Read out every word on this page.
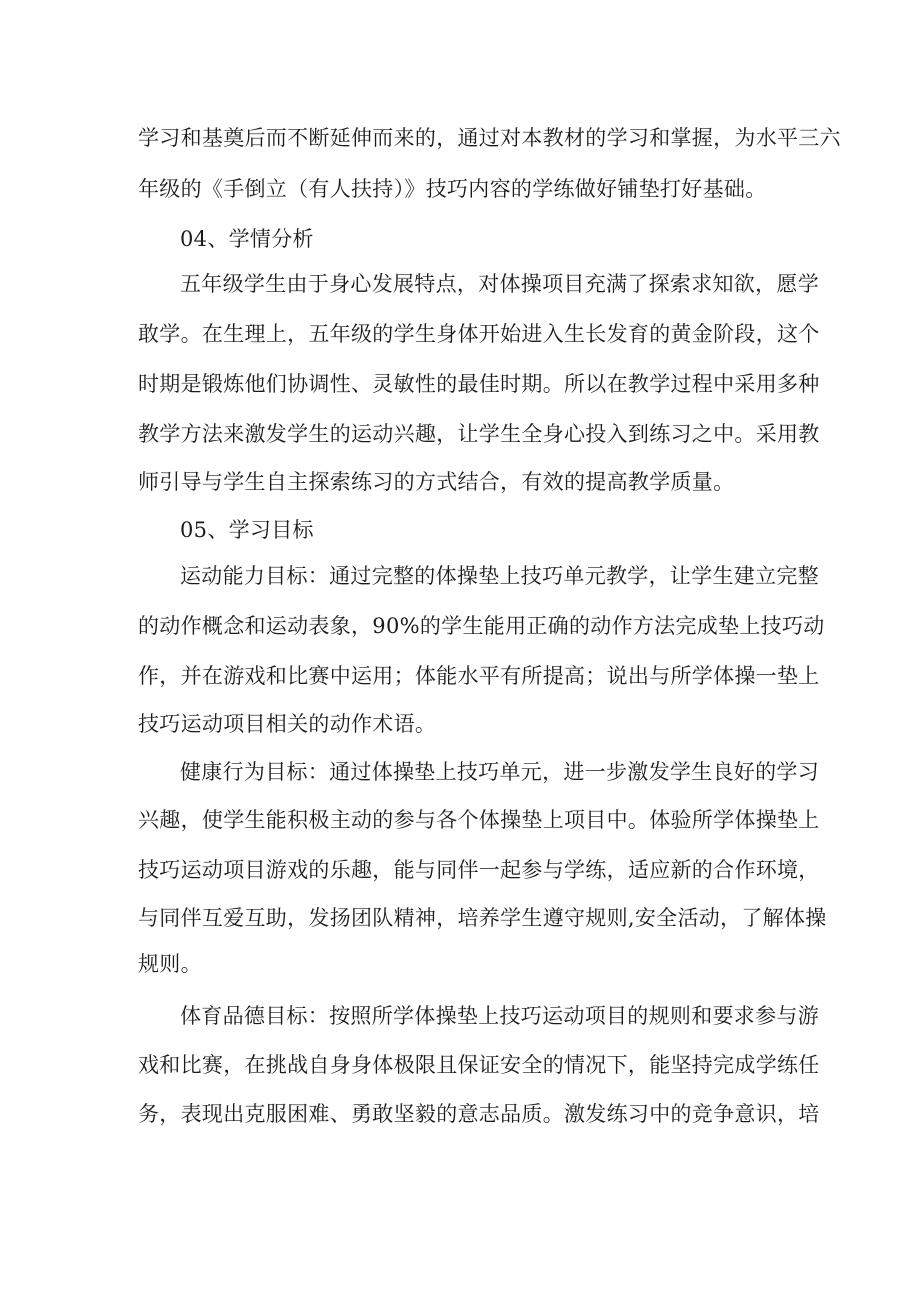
学习和基奠后而不断延伸而来的，通过对本教材的学习和掌握，为水平三六
年级的《手倒立（有人扶持）》技巧内容的学练做好铺垫打好基础。
04、学情分析
五年级学生由于身心发展特点，对体操项目充满了探索求知欲，愿学
敢学。在生理上，五年级的学生身体开始进入生长发育的黄金阶段，这个
时期是锻炼他们协调性、灵敏性的最佳时期。所以在教学过程中采用多种
教学方法来激发学生的运动兴趣，让学生全身心投入到练习之中。采用教
师引导与学生自主探索练习的方式结合，有效的提高教学质量。
05、学习目标
运动能力目标：通过完整的体操垫上技巧单元教学，让学生建立完整
的动作概念和运动表象，90%的学生能用正确的动作方法完成垫上技巧动
作，并在游戏和比赛中运用；体能水平有所提高；说出与所学体操一垫上
技巧运动项目相关的动作术语。
健康行为目标：通过体操垫上技巧单元，进一步激发学生良好的学习
兴趣，使学生能积极主动的参与各个体操垫上项目中。体验所学体操垫上
技巧运动项目游戏的乐趣，能与同伴一起参与学练，适应新的合作环境，
与同伴互爱互助，发扬团队精神，培养学生遵守规则,安全活动，了解体操
规则。
体育品德目标：按照所学体操垫上技巧运动项目的规则和要求参与游
戏和比赛，在挑战自身身体极限且保证安全的情况下，能坚持完成学练任
务，表现出克服困难、勇敢坚毅的意志品质。激发练习中的竞争意识，培
